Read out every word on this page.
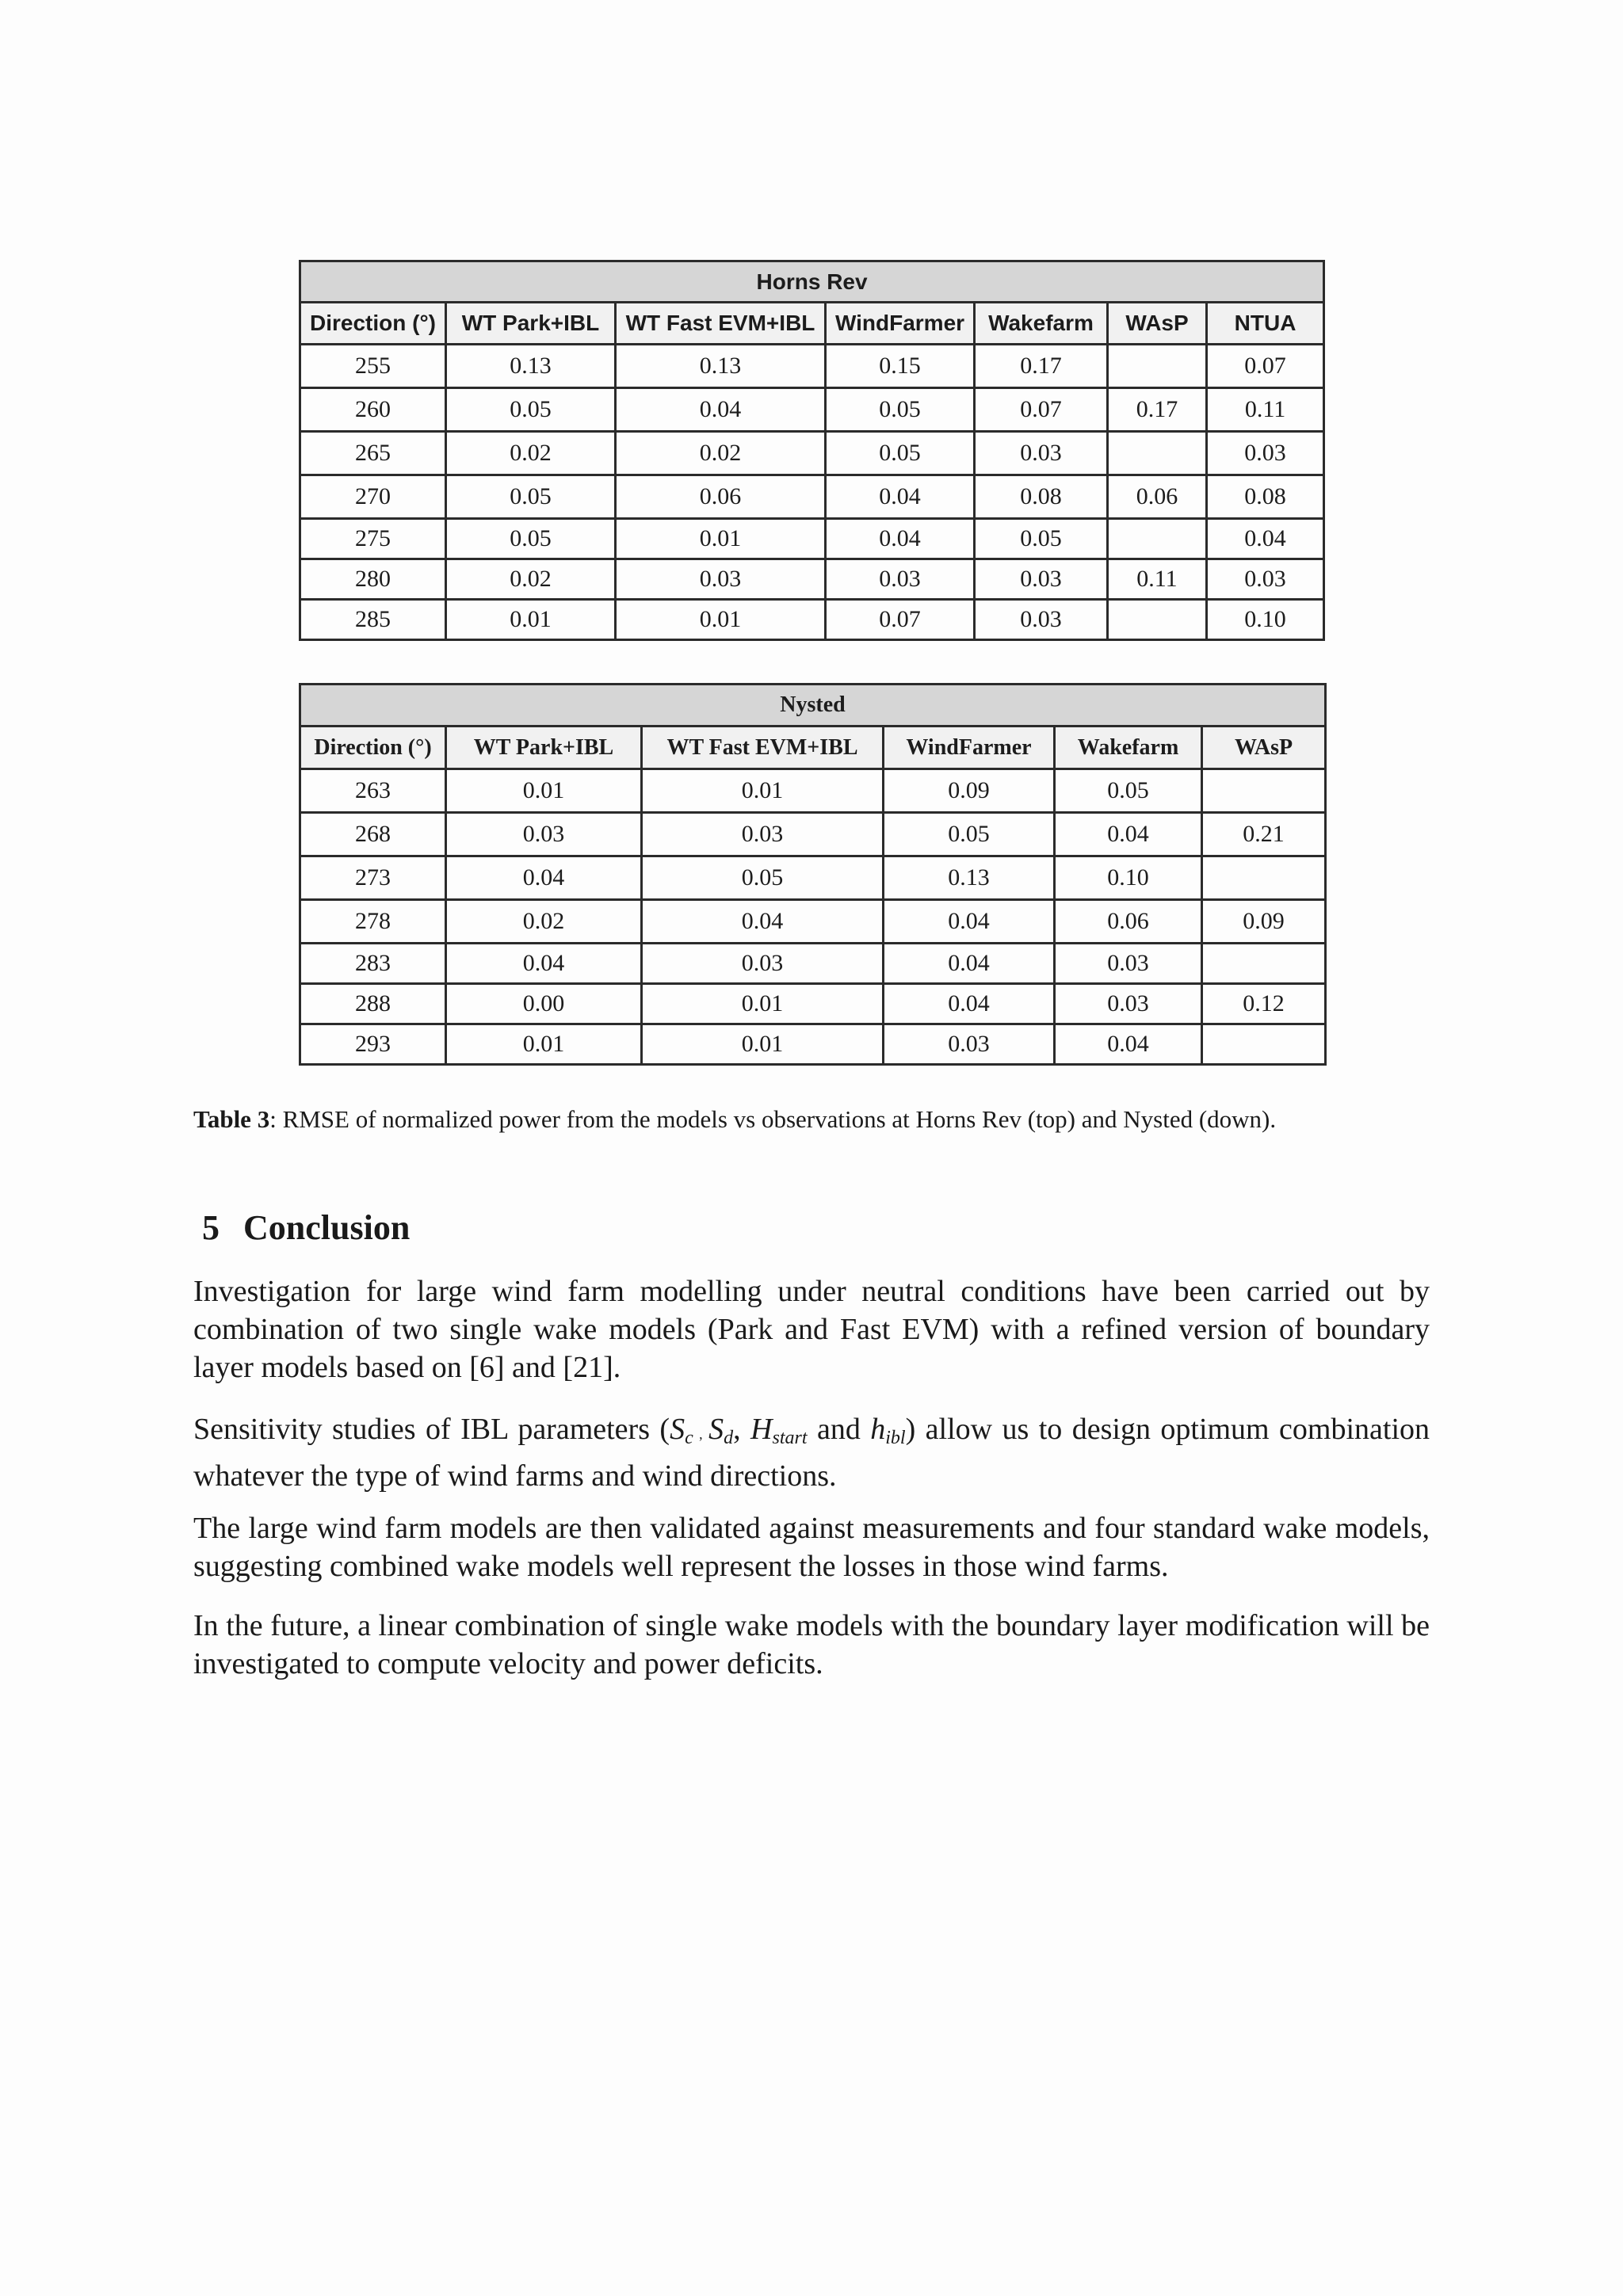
Horns Rev						
Direction (°)	WT Park+IBL	WT Fast EVM+IBL	WindFarmer	Wakefarm	WAsP	NTUA
255	0.13	0.13	0.15	0.17		0.07
260	0.05	0.04	0.05	0.07	0.17	0.11
265	0.02	0.02	0.05	0.03		0.03
270	0.05	0.06	0.04	0.08	0.06	0.08
275	0.05	0.01	0.04	0.05		0.04
280	0.02	0.03	0.03	0.03	0.11	0.03
285	0.01	0.01	0.07	0.03		0.10
Nysted					
Direction (°)	WT Park+IBL	WT Fast EVM+IBL	WindFarmer	Wakefarm	WAsP
263	0.01	0.01	0.09	0.05	
268	0.03	0.03	0.05	0.04	0.21
273	0.04	0.05	0.13	0.10	
278	0.02	0.04	0.04	0.06	0.09
283	0.04	0.03	0.04	0.03	
288	0.00	0.01	0.04	0.03	0.12
293	0.01	0.01	0.03	0.04	
Table 3: RMSE of normalized power from the models vs observations at Horns Rev (top) and Nysted (down).
5 Conclusion

Investigation for large wind farm modelling under neutral conditions have been carried out by combination of two single wake models (Park and Fast EVM) with a refined version of boundary layer models based on [6] and [21].

Sensitivity studies of IBL parameters ($S_c$ , $S_d$, $H_{start}$ and $h_{ibl}$) allow us to design optimum combination whatever the type of wind farms and wind directions.

The large wind farm models are then validated against measurements and four standard wake models, suggesting combined wake models well represent the losses in those wind farms.

In the future, a linear combination of single wake models with the boundary layer modification will be investigated to compute velocity and power deficits.
